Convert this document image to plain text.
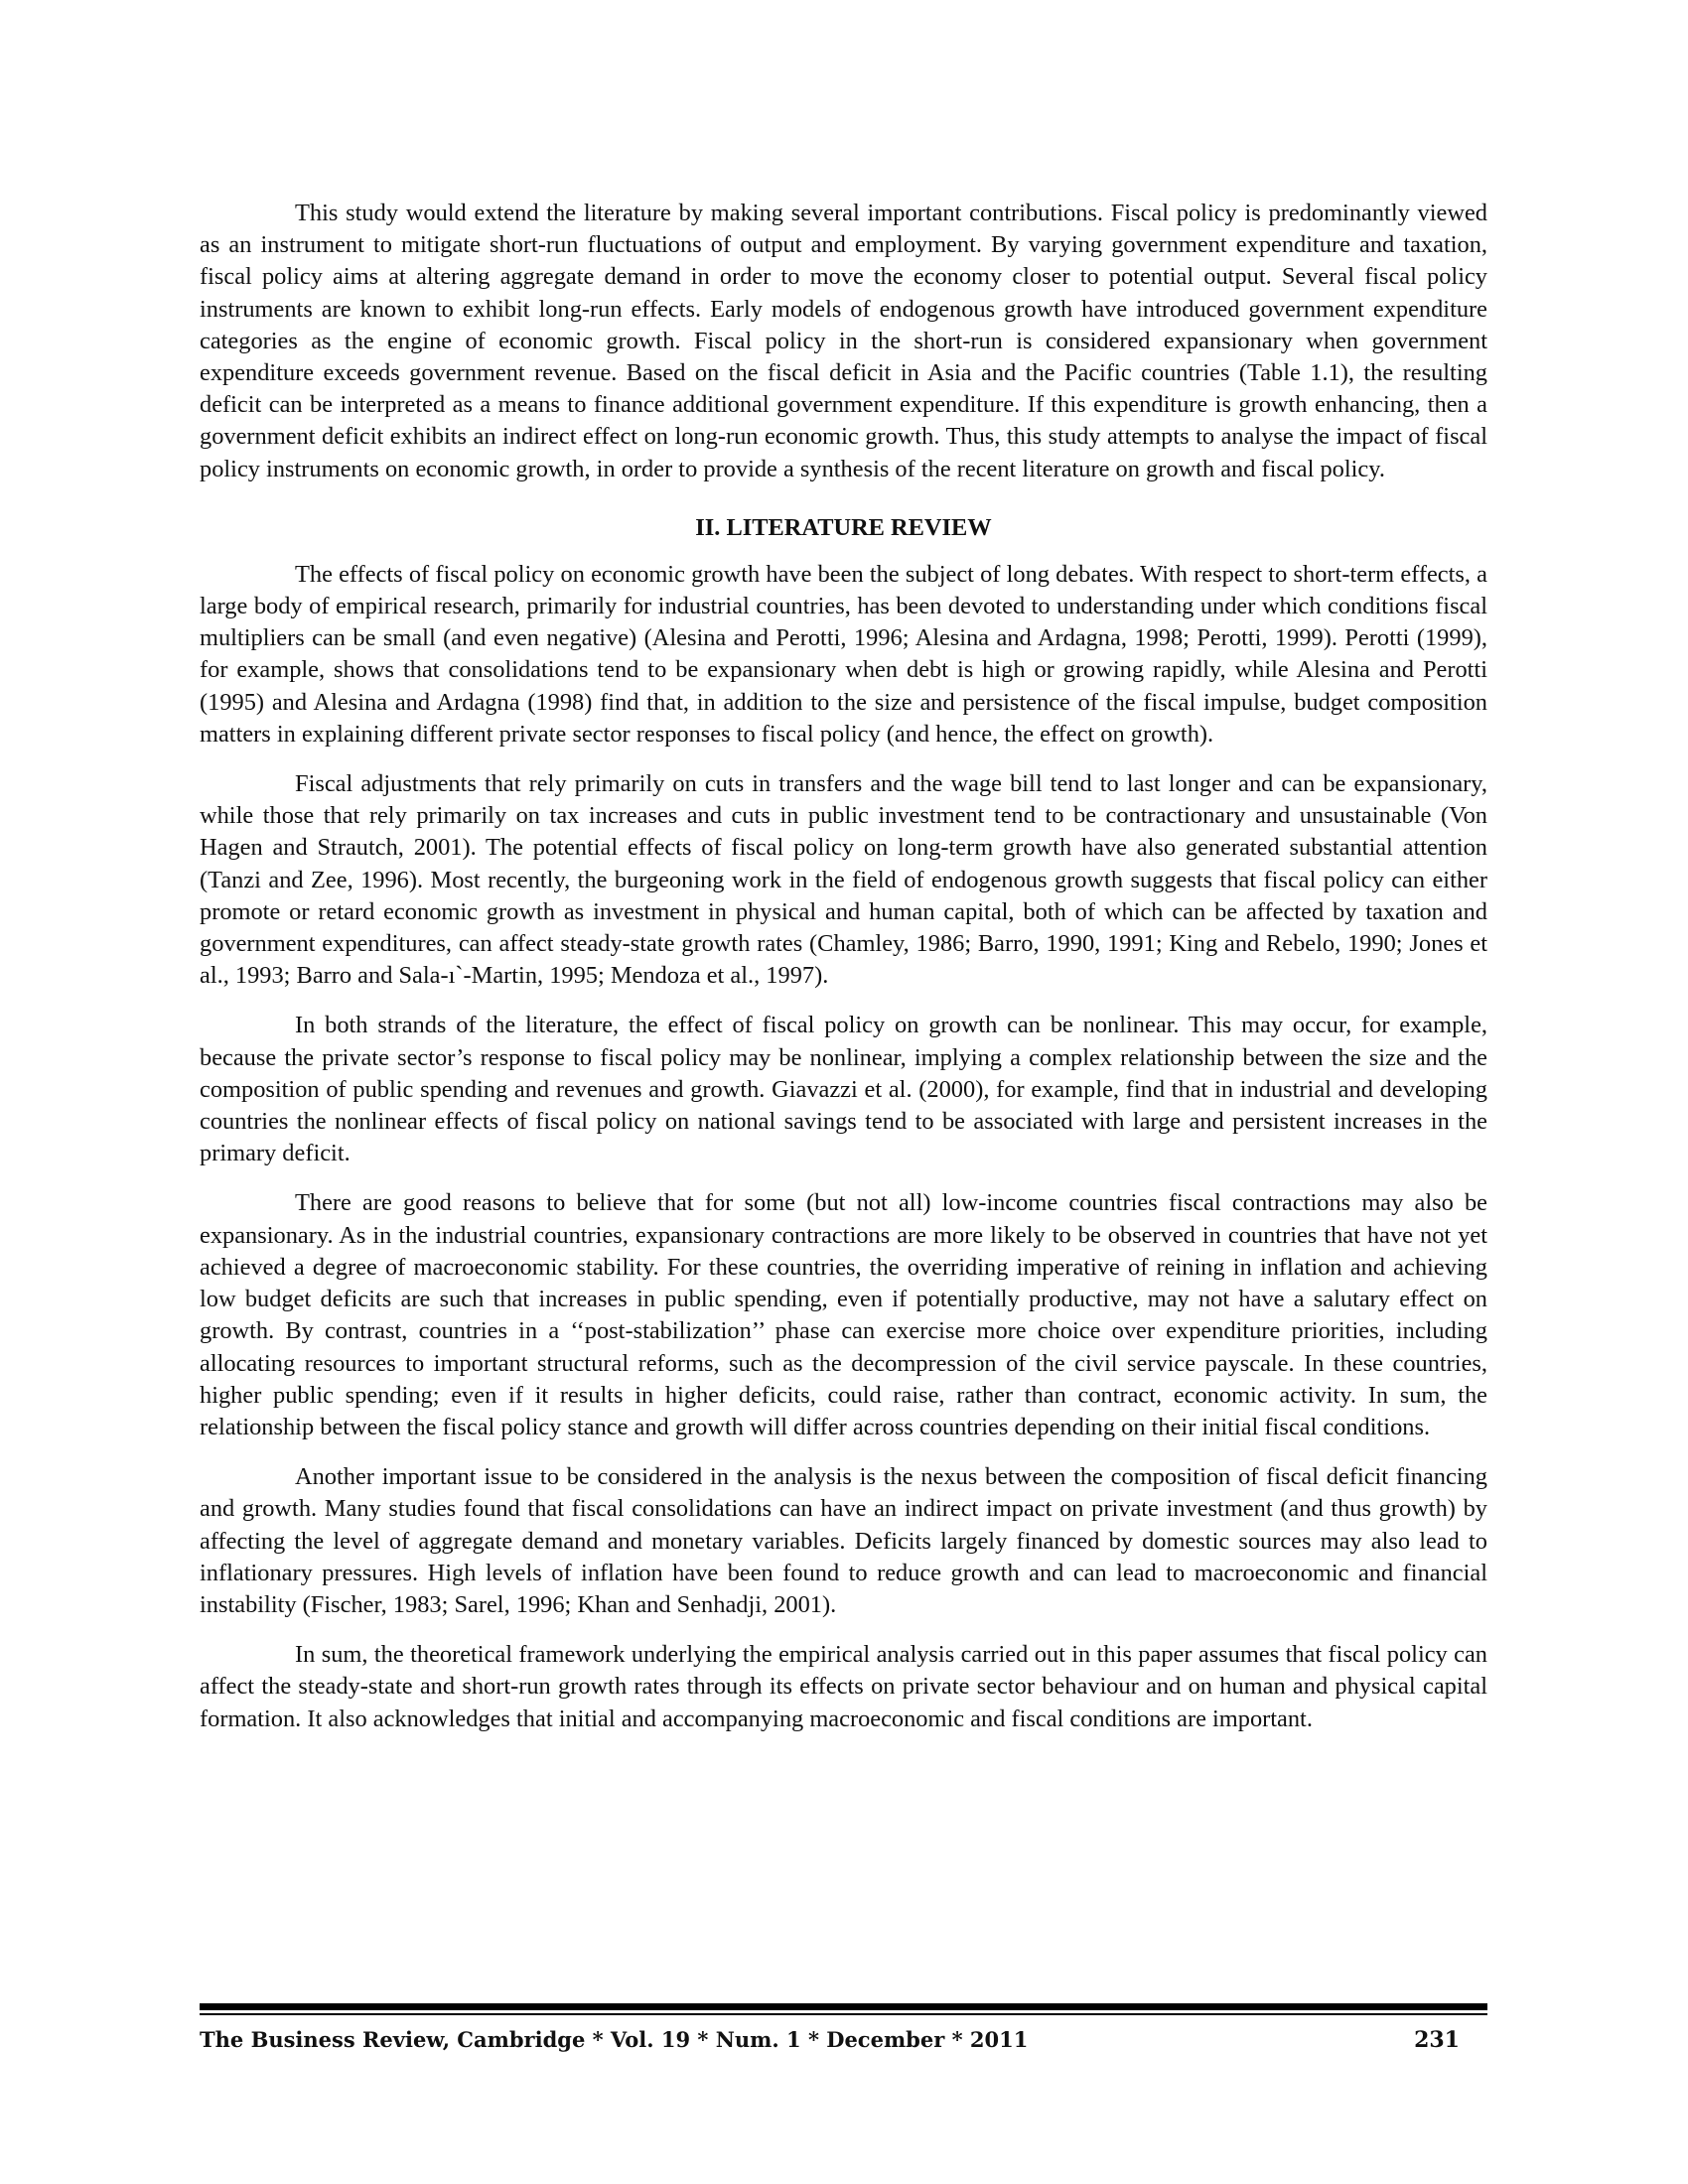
This study would extend the literature by making several important contributions. Fiscal policy is predominantly viewed as an instrument to mitigate short-run fluctuations of output and employment. By varying government expenditure and taxation, fiscal policy aims at altering aggregate demand in order to move the economy closer to potential output. Several fiscal policy instruments are known to exhibit long-run effects. Early models of endogenous growth have introduced government expenditure categories as the engine of economic growth. Fiscal policy in the short-run is considered expansionary when government expenditure exceeds government revenue. Based on the fiscal deficit in Asia and the Pacific countries (Table 1.1), the resulting deficit can be interpreted as a means to finance additional government expenditure. If this expenditure is growth enhancing, then a government deficit exhibits an indirect effect on long-run economic growth. Thus, this study attempts to analyse the impact of fiscal policy instruments on economic growth, in order to provide a synthesis of the recent literature on growth and fiscal policy.

II. LITERATURE REVIEW

The effects of fiscal policy on economic growth have been the subject of long debates. With respect to short-term effects, a large body of empirical research, primarily for industrial countries, has been devoted to understanding under which conditions fiscal multipliers can be small (and even negative) (Alesina and Perotti, 1996; Alesina and Ardagna, 1998; Perotti, 1999). Perotti (1999), for example, shows that consolidations tend to be expansionary when debt is high or growing rapidly, while Alesina and Perotti (1995) and Alesina and Ardagna (1998) find that, in addition to the size and persistence of the fiscal impulse, budget composition matters in explaining different private sector responses to fiscal policy (and hence, the effect on growth).

Fiscal adjustments that rely primarily on cuts in transfers and the wage bill tend to last longer and can be expansionary, while those that rely primarily on tax increases and cuts in public investment tend to be contractionary and unsustainable (Von Hagen and Strautch, 2001). The potential effects of fiscal policy on long-term growth have also generated substantial attention (Tanzi and Zee, 1996). Most recently, the burgeoning work in the field of endogenous growth suggests that fiscal policy can either promote or retard economic growth as investment in physical and human capital, both of which can be affected by taxation and government expenditures, can affect steady-state growth rates (Chamley, 1986; Barro, 1990, 1991; King and Rebelo, 1990; Jones et al., 1993; Barro and Sala-ı`-Martin, 1995; Mendoza et al., 1997).

In both strands of the literature, the effect of fiscal policy on growth can be nonlinear. This may occur, for example, because the private sector’s response to fiscal policy may be nonlinear, implying a complex relationship between the size and the composition of public spending and revenues and growth. Giavazzi et al. (2000), for example, find that in industrial and developing countries the nonlinear effects of fiscal policy on national savings tend to be associated with large and persistent increases in the primary deficit.

There are good reasons to believe that for some (but not all) low-income countries fiscal contractions may also be expansionary. As in the industrial countries, expansionary contractions are more likely to be observed in countries that have not yet achieved a degree of macroeconomic stability. For these countries, the overriding imperative of reining in inflation and achieving low budget deficits are such that increases in public spending, even if potentially productive, may not have a salutary effect on growth. By contrast, countries in a ‘‘post-stabilization’’ phase can exercise more choice over expenditure priorities, including allocating resources to important structural reforms, such as the decompression of the civil service payscale. In these countries, higher public spending; even if it results in higher deficits, could raise, rather than contract, economic activity. In sum, the relationship between the fiscal policy stance and growth will differ across countries depending on their initial fiscal conditions.

Another important issue to be considered in the analysis is the nexus between the composition of fiscal deficit financing and growth. Many studies found that fiscal consolidations can have an indirect impact on private investment (and thus growth) by affecting the level of aggregate demand and monetary variables. Deficits largely financed by domestic sources may also lead to inflationary pressures. High levels of inflation have been found to reduce growth and can lead to macroeconomic and financial instability (Fischer, 1983; Sarel, 1996; Khan and Senhadji, 2001).

In sum, the theoretical framework underlying the empirical analysis carried out in this paper assumes that fiscal policy can affect the steady-state and short-run growth rates through its effects on private sector behaviour and on human and physical capital formation. It also acknowledges that initial and accompanying macroeconomic and fiscal conditions are important.

The Business Review, Cambridge * Vol. 19 * Num. 1 * December * 2011	231
